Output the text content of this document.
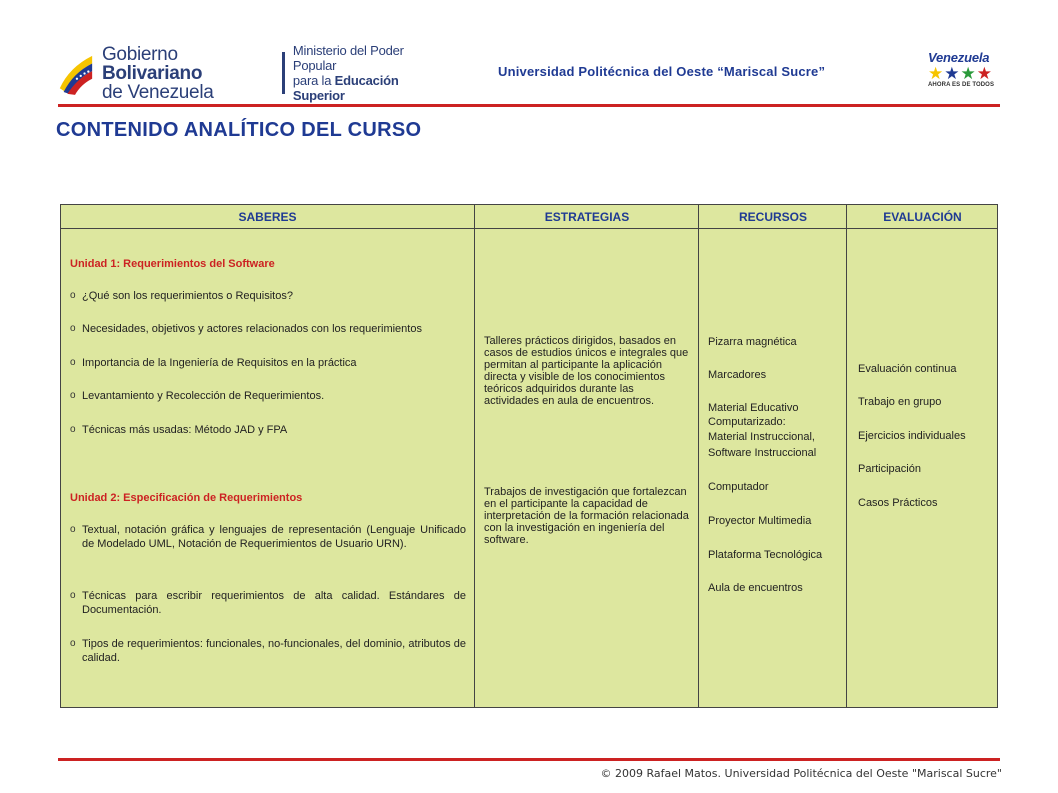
Gobierno Bolivariano
de Venezuela
Ministerio del Poder Popular
para la Educación Superior
Universidad Politécnica del Oeste “Mariscal Sucre”
Venezuela
★ ★ ★ ★
AHORA ES DE TODOS
CONTENIDO ANALÍTICO DEL CURSO
SABERES
Unidad 1: Requerimientos del Software
o ¿Qué son los requerimientos o Requisitos?
o Necesidades, objetivos y actores relacionados con los requerimientos
o Importancia de la Ingeniería de Requisitos en la práctica
o Levantamiento y Recolección de Requerimientos.
o Técnicas más usadas: Método JAD y FPA
Unidad 2: Especificación de Requerimientos
o Textual, notación gráfica y lenguajes de representación (Lenguaje Unificado de Modelado UML, Notación de Requerimientos de Usuario URN).
o Técnicas para escribir requerimientos de alta calidad. Estándares de Documentación.
o Tipos de requerimientos: funcionales, no-funcionales, del dominio, atributos de calidad.
ESTRATEGIAS
Talleres prácticos dirigidos, basados en casos de estudios únicos e integrales que permitan al participante la aplicación directa y visible de los conocimientos teóricos adquiridos durante las actividades en aula de encuentros.
Trabajos de investigación que fortalezcan en el participante la capacidad de interpretación de la formación relacionada con la investigación en ingeniería del software.
RECURSOS
Pizarra magnética
Marcadores
Material Educativo
Computarizado:
Material Instruccional,
Software Instruccional
Computador
Proyector Multimedia
Plataforma Tecnológica
Aula de encuentros
EVALUACIÓN
Evaluación continua
Trabajo en grupo
Ejercicios individuales
Participación
Casos Prácticos
© 2009 Rafael Matos. Universidad Politécnica del Oeste "Mariscal Sucre"
